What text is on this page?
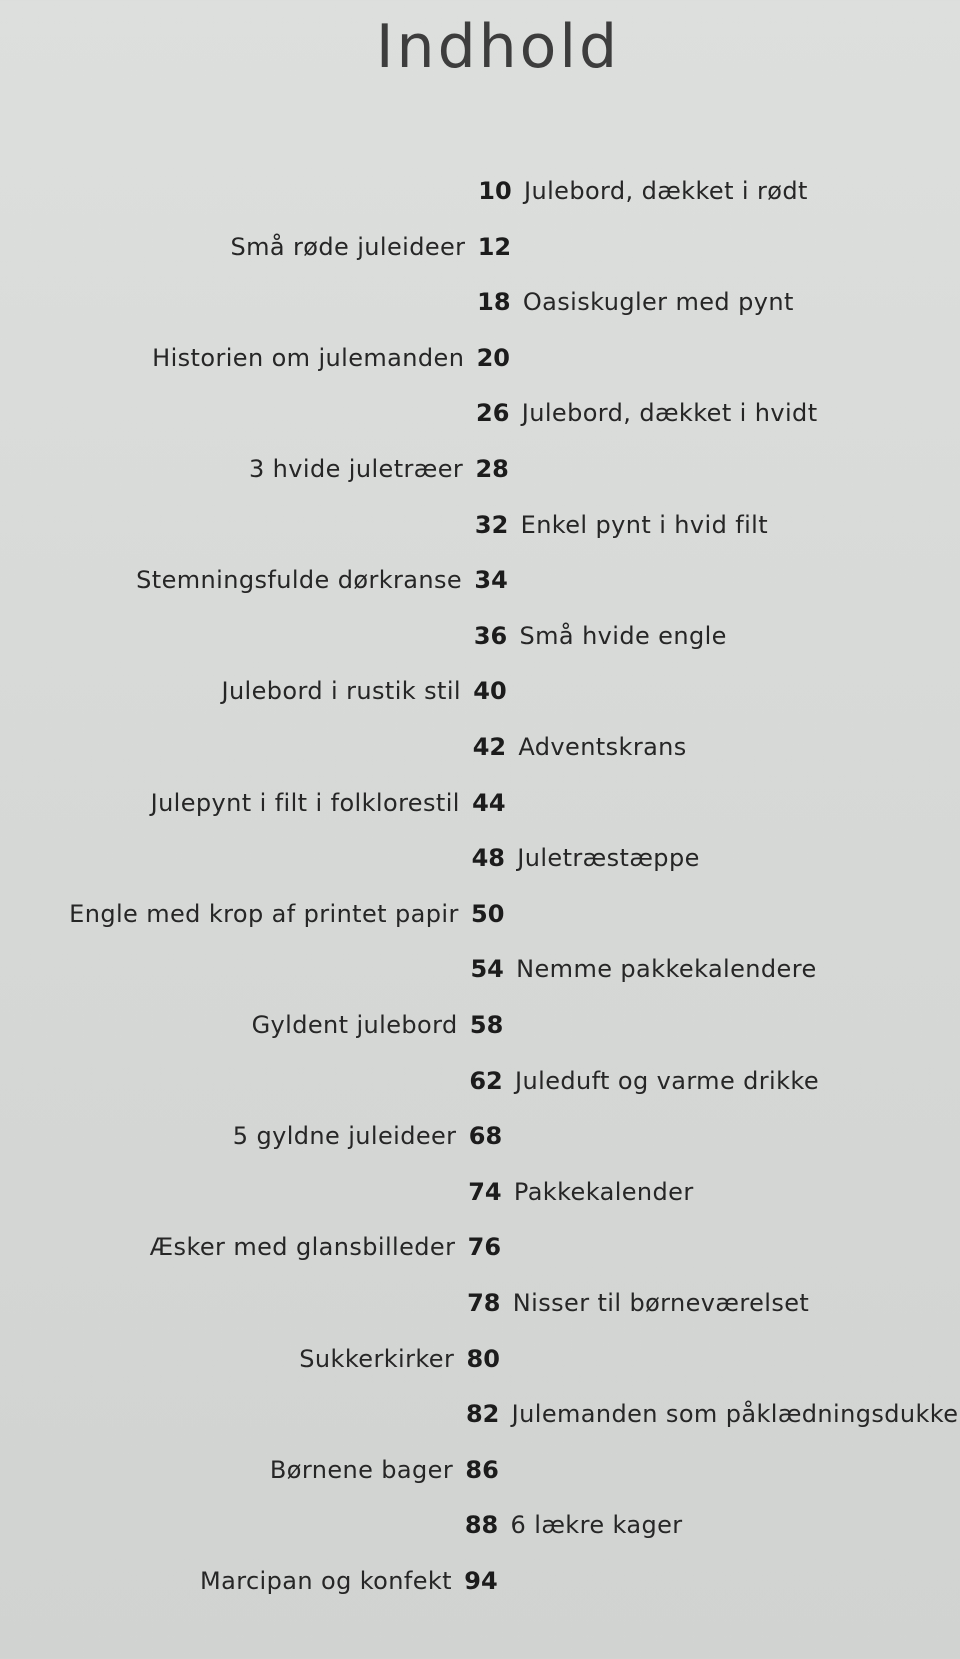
Indhold
10 Julebord, dækket i rødt
12
Små røde juleideer
18 Oasiskugler med pynt
20
Historien om julemanden
26 Julebord, dækket i hvidt
28
3 hvide juletræer
32 Enkel pynt i hvid filt
34
Stemningsfulde dørkranse
36 Små hvide engle
40
Julebord i rustik stil
42 Adventskrans
44
Julepynt i filt i folklorestil
48 Juletræstæppe
50
Engle med krop af printet papir
54 Nemme pakkekalendere
58
Gyldent julebord
62 Juleduft og varme drikke
68
5 gyldne juleideer
74 Pakkekalender
76
Æsker med glansbilleder
78 Nisser til børneværelset
80
Sukkerkirker
82 Julemanden som påklædningsdukke
86
Børnene bager
88 6 lækre kager
94
Marcipan og konfekt
